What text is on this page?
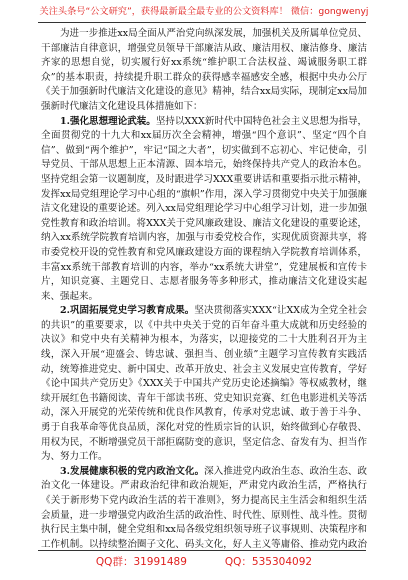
关注头条号“公文研究”，获得最新最全最专业的公文资料库！ 微信：gongwenyj

为进一步推进xx局全面从严治党向纵深发展，加强机关及所属单位党员、干部廉洁自律意识，增强党员领导干部廉洁从政、廉洁用权、廉洁修身、廉洁齐家的思想自觉，切实履行好xx系统“维护职工合法权益、竭诚服务职工群众”的基本职责，持续提升职工群众的获得感幸福感安全感，根据中央办公厅《关于加强新时代廉洁文化建设的意见》精神，结合xx局实际，现制定xx局加强新时代廉洁文化建设具体措施如下：

1.强化思想理论武装。坚持以XXX新时代中国特色社会主义思想为指导，全面贯彻党的十九大和xx届历次全会精神，增强“四个意识”、坚定“四个自信”、做到“两个维护”，牢记“国之大者”，切实做到不忘初心、牢记使命，引导党员、干部从思想上正本清源、固本培元，始终保持共产党人的政治本色。坚持党组会第一议题制度，及时跟进学习XXX重要讲话和重要指示批示精神，发挥xx局党组理论学习中心组的“旗帜”作用，深入学习贯彻党中央关于加强廉洁文化建设的重要论述。列入xx局党组理论学习中心组学习计划，进一步加强党性教育和政治培训。将XXX关于党风廉政建设、廉洁文化建设的重要论述，纳入xx系统学院教育培训内容，加强与市委党校合作，实现优质资源共享，将市委党校开设的党性教育和党风廉政建设方面的课程纳入学院教育培训体系，丰富xx系统干部教育培训的内容，举办“xx系统大讲堂”，党建展板和宣传卡片，知识竞赛、主题党日、志愿者服务等多种形式，推动廉洁文化建设实起来、强起来。

2.巩固拓展党史学习教育成果。坚决贯彻落实XXX“让XX成为全党全社会的共识”的重要要求，以《中共中央关于党的百年奋斗重大成就和历史经验的决议》和党中央有关精神为根本，为落实，以迎接党的二十大胜利召开为主线，深入开展“迎盛会、铸忠诚、强担当、创业绩”主题学习宣传教育实践活动，统筹推进党史、新中国史、改革开放史、社会主义发展史宣传教育，学好《论中国共产党历史》《XXX关于中国共产党历史论述摘编》等权威教材，继续开展红色书籍阅读、青年干部读书班、党史知识竞赛、红色电影进机关等活动，深入开展党的光荣传统和优良作风教育，传承对党忠诚、敢于善于斗争、勇于自我革命等优良品质，深化对党的性质宗旨的认识，始终做到心存敬畏、用权为民，不断增强党员干部拒腐防变的意识，坚定信念、奋发有为、担当作为、努力工作。

3.发展健康积极的党内政治文化。深入推进党内政治生态、政治生态、政治文化一体建设。严肃政治纪律和政治规矩，严肃党内政治生活，严格执行《关于新形势下党内政治生活的若干准则》，努力提高民主生活会和组织生活会质量，进一步增强党内政治生活的政治性、时代性、原则性、战斗性。贯彻执行民主集中制，健全党组和xx局各级党组织领导班子议事规则、决策程序和工作机制。以持续整治圈子文化、码头文化，好人主义等庸俗、推动党内政治

QQ群：31991489	QQ：535304092
